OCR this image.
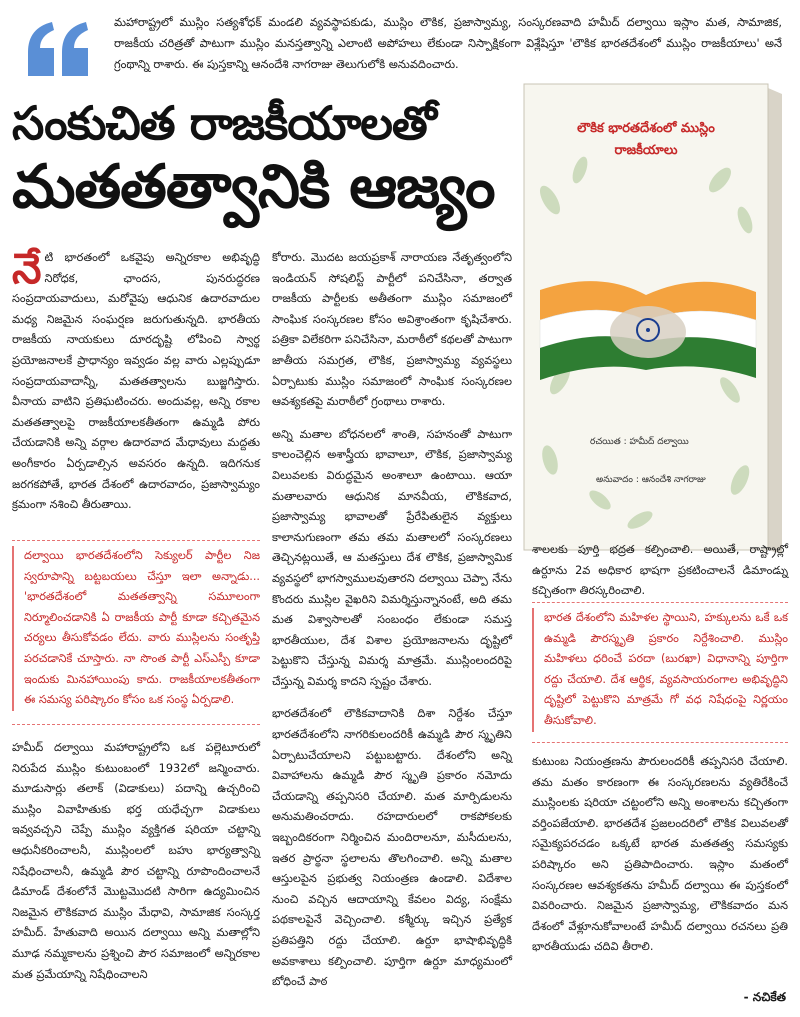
మహారాష్ట్రలో ముస్లిం సత్యశోధక్ మండలి వ్యవస్థాపకుడు, ముస్లిం లౌకిక, ప్రజాస్వామ్య, సంస్కరణవాది హమీద్ దల్వాయి ఇస్లాం మత, సామాజిక, రాజకీయ చరిత్రతో పాటుగా ముస్లిం మనస్తత్వాన్ని ఎలాంటి అపోహలు లేకుండా నిస్పాక్షికంగా విశ్లేషిస్తూ 'లౌకిక భారతదేశంలో ముస్లిం రాజకీయాలు' అనే గ్రంథాన్ని రాశారు. ఈ పుస్తకాన్ని ఆనందేశి నాగరాజు తెలుగులోకి అనువదించారు.

సంకుచిత రాజకీయాలతో
మతతత్వానికి ఆజ్యం
లౌకిక భారతదేశంలో ముస్లిం
రాజకీయాలు
రచయిత : హమీద్ దల్వాయి
అనువాదం : ఆనందేశి నాగరాజు

నేటి భారతంలో ఒకవైపు అన్నిరకాల అభివృద్ధి నిరోధక, ఛాందస, పునరుద్ధరణ సంప్రదాయవాదులు, మరోవైపు ఆధునిక ఉదారవాదుల మధ్య నిజమైన సంఘర్షణ జరుగుతున్నది. భారతీయ రాజకీయ నాయకులు దూరదృష్టి లోపించి స్వార్థ ప్రయోజనాలకే ప్రాధాన్యం ఇవ్వడం వల్ల వారు ఎల్లప్పుడూ సంప్రదాయవాదాన్నీ, మతతత్వాలను బుజ్జగిస్తారు. వీనాయ వాటిని ప్రతిఘటించరు. అందువల్ల, అన్ని రకాల మతతత్వాలపై రాజకీయాలకతీతంగా ఉమ్మడి పోరు చేయడానికి అన్ని వర్గాల ఉదారవాద మేధావులు మద్దతు అంగీకారం ఏర్పడాల్సిన అవసరం ఉన్నది. ఇదిగనుక జరగకపోతే, భారత దేశంలో ఉదారవాదం, ప్రజాస్వామ్యం క్రమంగా నశించి తీరుతాయి.

దల్వాయి భారతదేశంలోని సెక్యులర్ పార్టీల నిజ స్వరూపాన్ని బట్టబయలు చేస్తూ ఇలా అన్నాడు... 'భారతదేశంలో మతతత్వాన్ని సమూలంగా నిర్మూలించడానికి ఏ రాజకీయ పార్టీ కూడా కచ్చితమైన చర్యలు తీసుకోవడం లేదు. వారు ముస్లిలను సంతృప్తి పరచడానికే చూస్తారు. నా సొంత పార్టీ ఎస్ఎస్పీ కూడా ఇందుకు మినహాయింపు కాదు. రాజకీయాలకతీతంగా ఈ సమస్య పరిష్కారం కోసం ఒక సంస్థ ఏర్పడాలి.

హమీద్ దల్వాయి మహారాష్ట్రలోని ఒక పల్లెటూరులో నిరుపేద ముస్లిం కుటుంబంలో 1932లో జన్మించారు. మూడుసార్లు తలాక్ (విడాకులు) పదాన్ని ఉచ్చరించి ముస్లిం వివాహితుకు భర్త యధేచ్ఛగా విడాకులు ఇవ్వవచ్చని చెప్పే ముస్లిం వ్యక్తిగత షరియా చట్టాన్ని ఆధునీకరించాలనీ, ముస్లింలలో బహు భార్యత్వాన్ని నిషేధించాలనీ, ఉమ్మడి పౌర చట్టాన్ని రూపొందించాలనే డిమాండ్ దేశంలోనే మొట్టమొదటి సారిగా ఉద్యమించిన నిజమైన లౌకికవాద ముస్లిం మేధావి, సామాజిక సంస్కర్త హమీద్. హేతువాది అయిన దల్వాయి అన్ని మతాల్లోని మూఢ నమ్మకాలను ప్రశ్నించి పౌర సమాజంలో అన్నిరకాల మత ప్రమేయాన్ని నిషేధించాలని

కోరారు. మొదట జయప్రకాశ్ నారాయణ నేతృత్వంలోని ఇండియన్ సోషలిస్ట్ పార్టీలో పనిచేసినా, తర్వాత రాజకీయ పార్టీలకు అతీతంగా ముస్లిం సమాజంలో సాంఘిక సంస్కరణల కోసం అవిశ్రాంతంగా కృషిచేశారు. పత్రికా విలేకరిగా పనిచేసినా, మరాఠీలో కథలతో పాటుగా జాతీయ సమగ్రత, లౌకిక, ప్రజాస్వామ్య వ్యవస్థలు ఏర్పాటుకు ముస్లిం సమాజంలో సాంఘిక సంస్కరణల ఆవశ్యకతపై మరాఠీలో గ్రంథాలు రాశారు.

అన్ని మతాల బోధనలలో శాంతి, సహనంతో పాటుగా కాలంచెల్లిన అశాస్త్రీయ భావాలూ, లౌకిక, ప్రజాస్వామ్య విలువలకు విరుద్ధమైన అంశాలూ ఉంటాయి. ఆయా మతాలవారు ఆధునిక మానవీయ, లౌకికవాద, ప్రజాస్వామ్య భావాలతో ప్రేరేపితులైన వ్యక్తులు కాలానుగుణంగా తమ తమ మతాలలో సంస్కరణలు తెచ్చినట్లయితే, ఆ మతస్తులు దేశ లౌకిక, ప్రజాస్వామిక వ్యవస్థలో భాగస్వాములవుతారని దల్వాయి చెప్పా నేను కొందరు ముస్లిల వైఖరిని విమర్శిస్తున్నానంటే, అది తమ మత విశ్వాసాలతో సంబంధం లేకుండా సమస్త భారతీయుల, దేశ విశాల ప్రయోజనాలను దృష్టిలో పెట్టుకొని చేస్తున్న విమర్శ మాత్రమే. ముస్లింలందరిపై చేస్తున్న విమర్శ కాదని స్పష్టం చేశారు.

భారతదేశంలో లౌకికవాదానికి దిశా నిర్దేశం చేస్తూ భారతదేశంలోని నాగరికులందరికీ ఉమ్మడి పౌర స్మృతిని ఏర్పాటుచేయాలని పట్టుబట్టారు. దేశంలోని అన్ని వివాహాలను ఉమ్మడి పౌర స్మృతి ప్రకారం నమోదు చేయడాన్ని తప్పనిసరి చేయాలి. మత మార్పిడులను అనుమతించరాదు. రహదారులలో రాకపోకలకు ఇబ్బందికరంగా నిర్మించిన మందిరాలనూ, మసీదులను, ఇతర ప్రార్థనా స్థలాలను తొలగించాలి. అన్ని మతాల ఆస్తులపైన ప్రభుత్వ నియంత్రణ ఉండాలి. విదేశాల నుంచి వచ్చిన ఆదాయాన్ని కేవలం విద్య, సంక్షేమ పథకాలపైనే వెచ్చించాలి. కశ్మీర్కు ఇచ్చిన ప్రత్యేక ప్రతిపత్తిని రద్దు చేయాలి. ఉర్దూ భాషాభివృద్ధికి అవకాశాలు కల్పించాలి. పూర్తిగా ఉర్దూ మాధ్యమంలో బోధించే పాఠ

శాలలకు పూర్తి భద్రత కల్పించాలి. అయితే, రాష్ట్రాల్లో ఉర్దూను 2వ అధికార భాషగా ప్రకటించాలనే డిమాండ్ను కచ్చితంగా తిరస్కరించాలి.

భారత దేశంలోని మహిళల స్థాయిని, హక్కులను ఒకే ఒక ఉమ్మడి పౌరస్మృతి ప్రకారం నిర్దేశించాలి. ముస్లిం మహిళలు ధరించే పరదా (బురఖా) విధానాన్ని పూర్తిగా రద్దు చేయాలి. దేశ ఆర్థిక, వ్యవసాయరంగాల అభివృద్ధిని దృష్టిలో పెట్టుకొని మాత్రమే గో వధ నిషేధంపై నిర్ణయం తీసుకోవాలి.

కుటుంబ నియంత్రణను పౌరులందరికీ తప్పనిసరి చేయాలి. తమ మతం కారణంగా ఈ సంస్కరణలను వ్యతిరేకించే ముస్లింలకు షరియా చట్టంలోని అన్ని అంశాలను కచ్చితంగా వర్తింపజేయాలి. భారతదేశ ప్రజలందరిలో లౌకిక విలువలతో సమైక్యపరచడం ఒక్కటే భారత మతతత్వ సమస్యకు పరిష్కారం అని ప్రతిపాదించారు. ఇస్లాం మతంలో సంస్కరణల ఆవశ్యకతను హమీద్ దల్వాయి ఈ పుస్తకంలో వివరించారు. నిజమైన ప్రజాస్వామ్య, లౌకికవాదం మన దేశంలో వేళ్లూనుకోవాలంటే హమీద్ దల్వాయి రచనలు ప్రతి భారతీయుడు చదివి తీరాలి.

- నచికేత
